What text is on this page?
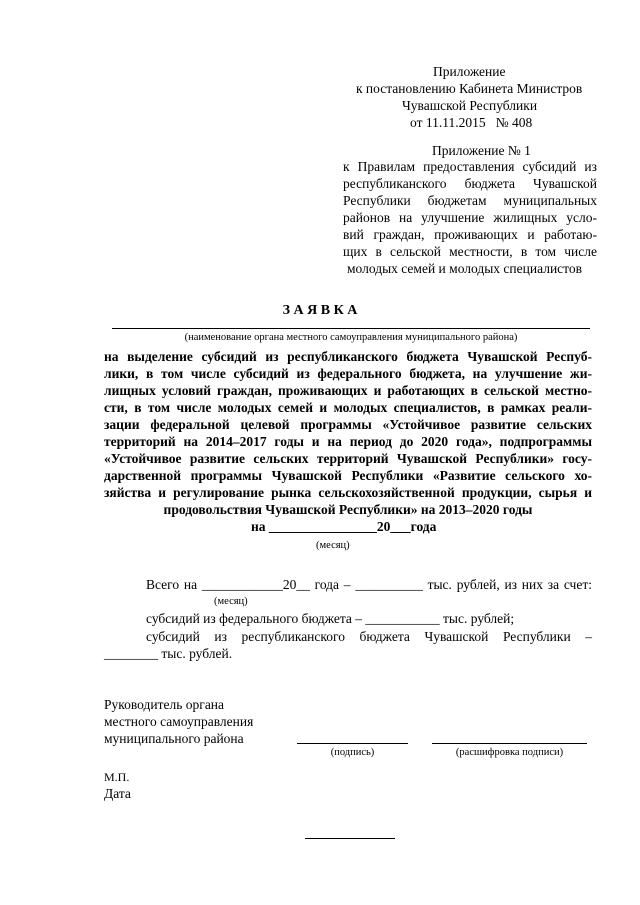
Приложение
к постановлению Кабинета Министров
Чувашской Республики
от 11.11.2015   № 408
Приложение № 1
к Правилам предоставления субсидий из
республиканского бюджета Чувашской
Республики бюджетам муниципальных
районов на улучшение жилищных усло-
вий граждан, проживающих и работаю-
щих в сельской местности, в том числе
молодых семей и молодых специалистов
З А Я В К А
(наименование органа местного самоуправления муниципального района)
на выделение субсидий из республиканского бюджета Чувашской Респуб-
лики, в том числе субсидий из федерального бюджета, на улучшение жи-
лищных условий граждан, проживающих и работающих в сельской местно-
сти, в том числе молодых семей и молодых специалистов, в рамках реали-
зации федеральной целевой программы «Устойчивое развитие сельских
территорий на 2014–2017 годы и на период до 2020 года», подпрограммы
«Устойчивое развитие сельских территорий Чувашской Республики» госу-
дарственной программы Чувашской Республики «Развитие сельского хо-
зяйства и регулирование рынка сельскохозяйственной продукции, сырья и
продовольствия Чувашской Республики» на 2013–2020 годы
на ________________20___года
(месяц)
Всего на ____________20__ года – __________ тыс. рублей, из них за счет:
(месяц)
субсидий из федерального бюджета – ___________ тыс. рублей;
субсидий из республиканского бюджета Чувашской Республики –
________ тыс. рублей.
Руководитель органа
местного самоуправления
муниципального района
(подпись)	(расшифровка подписи)
М.П.
Дата
